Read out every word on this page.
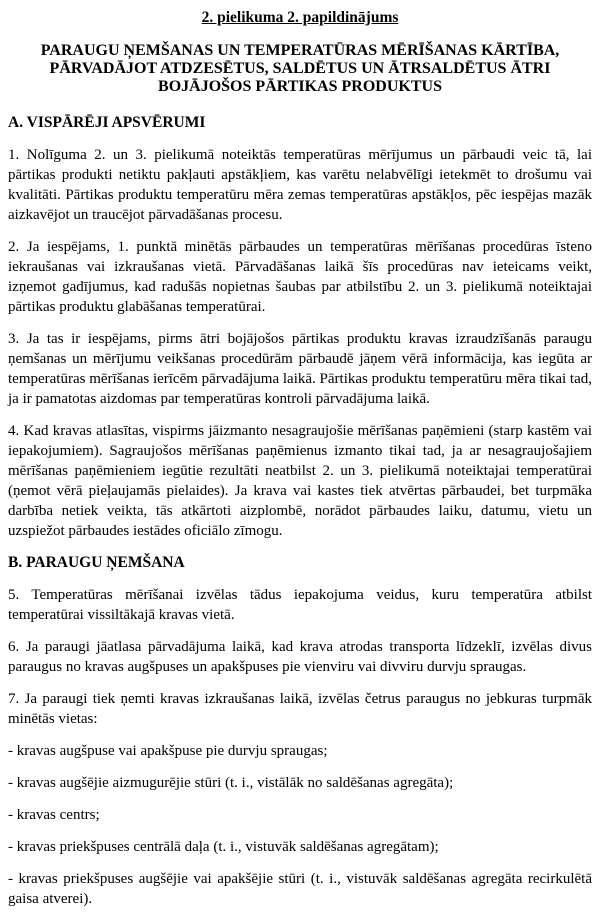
2. pielikuma 2. papildinājums
PARAUGU ŅEMŠANAS UN TEMPERATŪRAS MĒRĪŠANAS KĀRTĪBA, PĀRVADĀJOT ATDZESĒTUS, SALDĒTUS UN ĀTRSALDĒTUS ĀTRI BOJĀJOŠOS PĀRTIKAS PRODUKTUS
A. VISPĀRĒJI APSVĒRUMI

1. Nolīguma 2. un 3. pielikumā noteiktās temperatūras mērījumus un pārbaudi veic tā, lai pārtikas produkti netiktu pakļauti apstākļiem, kas varētu nelabvēlīgi ietekmēt to drošumu vai kvalitāti. Pārtikas produktu temperatūru mēra zemas temperatūras apstākļos, pēc iespējas mazāk aizkavējot un traucējot pārvadāšanas procesu.

2. Ja iespējams, 1. punktā minētās pārbaudes un temperatūras mērīšanas procedūras īsteno iekraušanas vai izkraušanas vietā. Pārvadāšanas laikā šīs procedūras nav ieteicams veikt, izņemot gadījumus, kad radušās nopietnas šaubas par atbilstību 2. un 3. pielikumā noteiktajai pārtikas produktu glabāšanas temperatūrai.

3. Ja tas ir iespējams, pirms ātri bojājošos pārtikas produktu kravas izraudzīšanās paraugu ņemšanas un mērījumu veikšanas procedūrām pārbaudē jāņem vērā informācija, kas iegūta ar temperatūras mērīšanas ierīcēm pārvadājuma laikā. Pārtikas produktu temperatūru mēra tikai tad, ja ir pamatotas aizdomas par temperatūras kontroli pārvadājuma laikā.

4. Kad kravas atlasītas, vispirms jāizmanto nesagraujošie mērīšanas paņēmieni (starp kastēm vai iepakojumiem). Sagraujošos mērīšanas paņēmienus izmanto tikai tad, ja ar nesagraujošajiem mērīšanas paņēmieniem iegūtie rezultāti neatbilst 2. un 3. pielikumā noteiktajai temperatūrai (ņemot vērā pieļaujamās pielaides). Ja krava vai kastes tiek atvērtas pārbaudei, bet turpmāka darbība netiek veikta, tās atkārtoti aizplombē, norādot pārbaudes laiku, datumu, vietu un uzspiežot pārbaudes iestādes oficiālo zīmogu.

B. PARAUGU ŅEMŠANA

5. Temperatūras mērīšanai izvēlas tādus iepakojuma veidus, kuru temperatūra atbilst temperatūrai vissiltākajā kravas vietā.

6. Ja paraugi jāatlasa pārvadājuma laikā, kad krava atrodas transporta līdzeklī, izvēlas divus paraugus no kravas augšpuses un apakšpuses pie vienviru vai divviru durvju spraugas.

7. Ja paraugi tiek ņemti kravas izkraušanas laikā, izvēlas četrus paraugus no jebkuras turpmāk minētās vietas:

- kravas augšpuse vai apakšpuse pie durvju spraugas;

- kravas augšējie aizmugurējie stūri (t. i., vistālāk no saldēšanas agregāta);

- kravas centrs;

- kravas priekšpuses centrālā daļa (t. i., vistuvāk saldēšanas agregātam);

- kravas priekšpuses augšējie vai apakšējie stūri (t. i., vistuvāk saldēšanas agregāta recirkulētā gaisa atverei).
